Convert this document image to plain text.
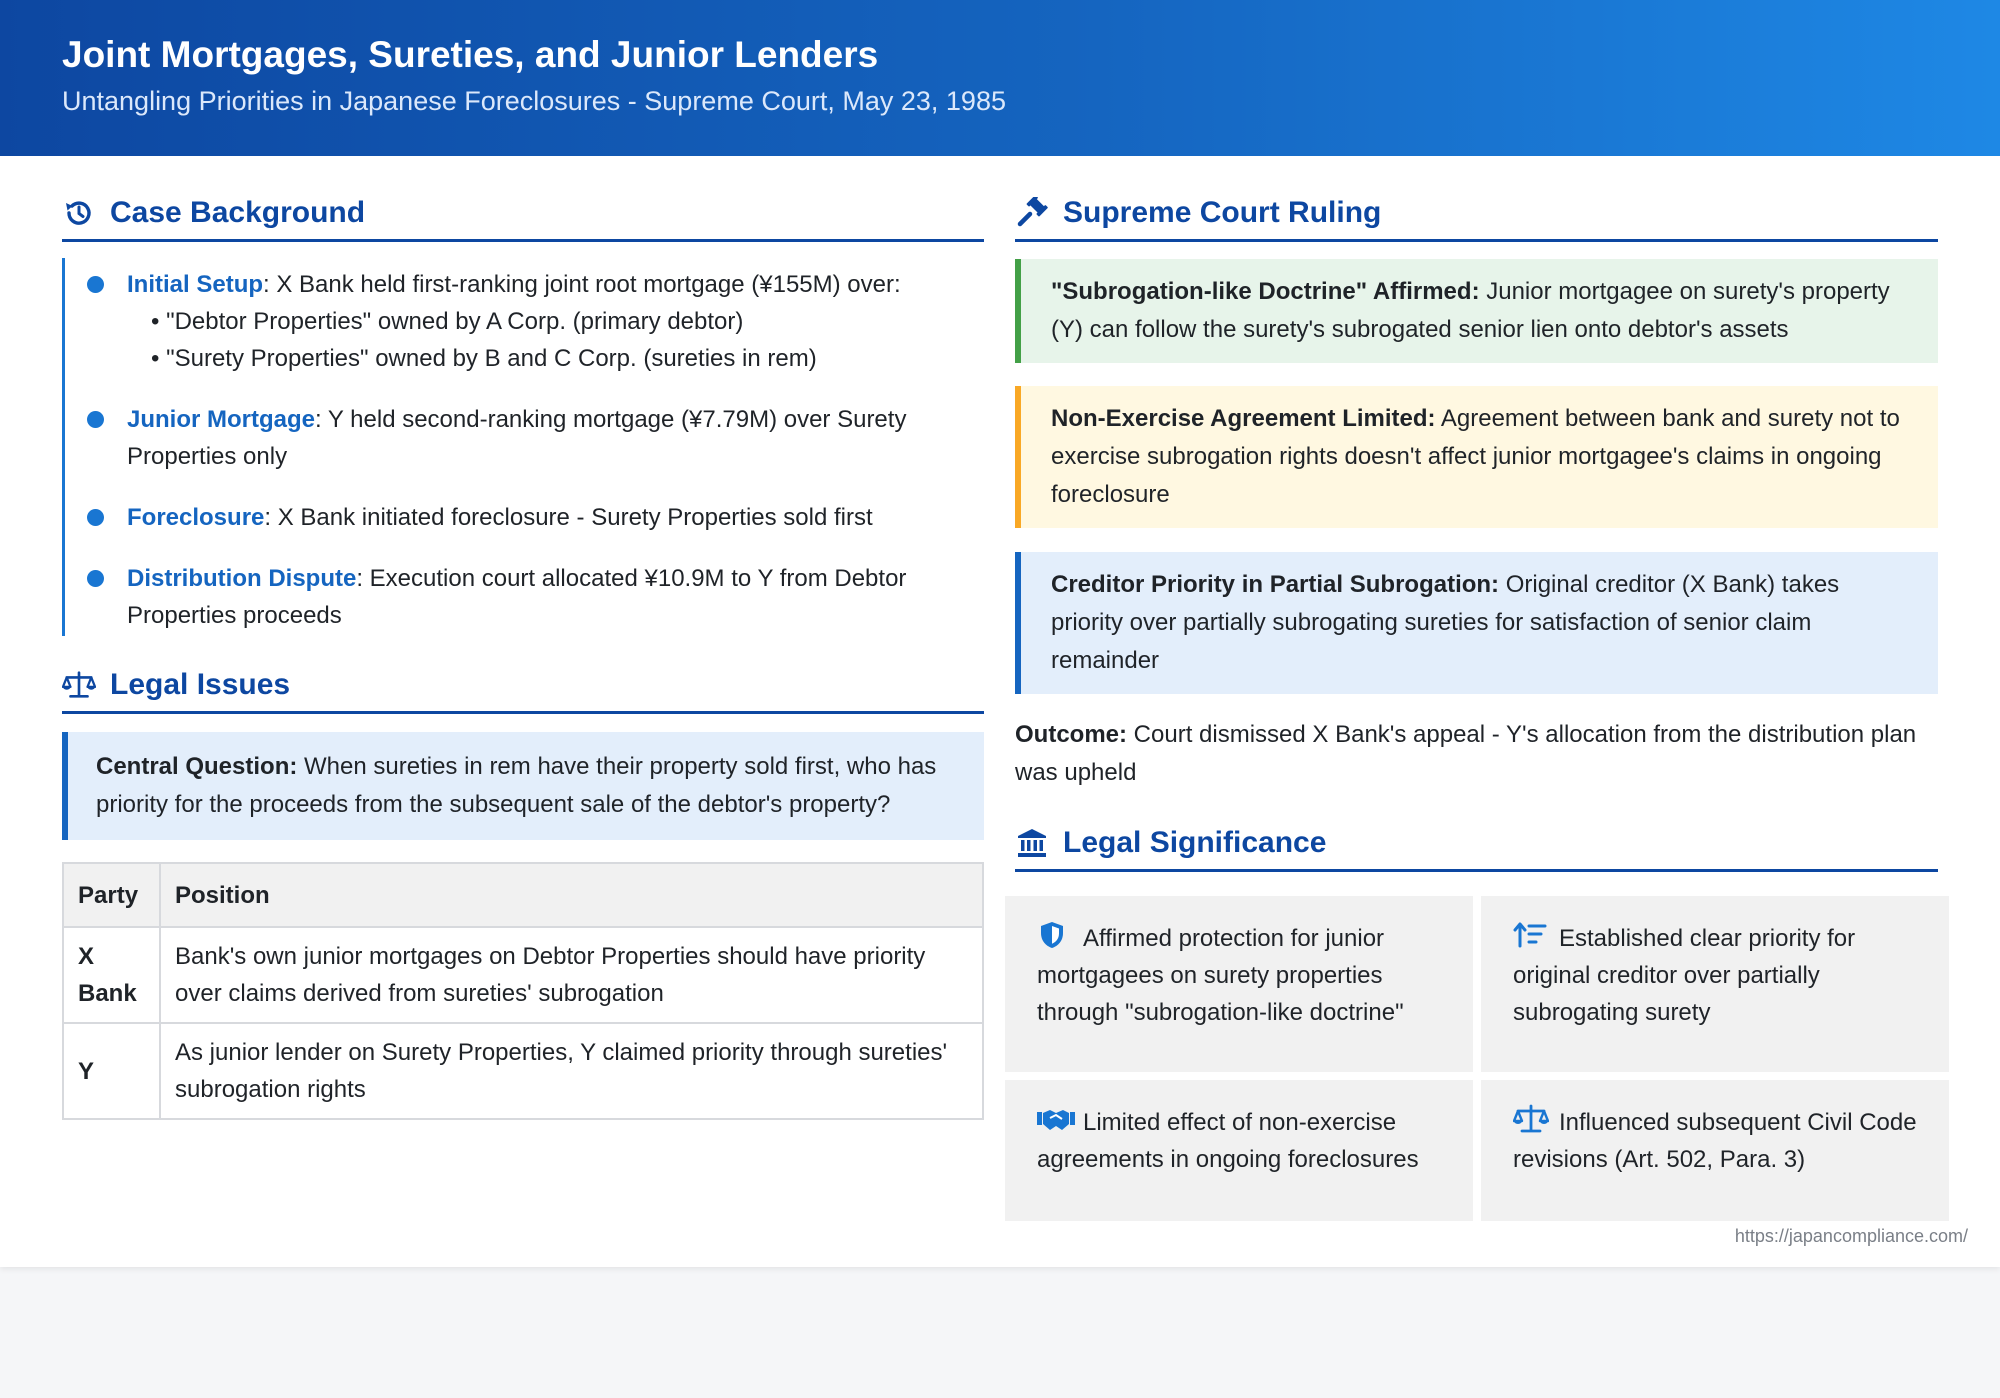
Joint Mortgages, Sureties, and Junior Lenders
Untangling Priorities in Japanese Foreclosures - Supreme Court, May 23, 1985
Case Background
Initial Setup: X Bank held first-ranking joint root mortgage (¥155M) over:
• "Debtor Properties" owned by A Corp. (primary debtor)
• "Surety Properties" owned by B and C Corp. (sureties in rem)
Junior Mortgage: Y held second-ranking mortgage (¥7.79M) over Surety Properties only
Foreclosure: X Bank initiated foreclosure - Surety Properties sold first
Distribution Dispute: Execution court allocated ¥10.9M to Y from Debtor Properties proceeds
Legal Issues
Central Question: When sureties in rem have their property sold first, who has priority for the proceeds from the subsequent sale of the debtor's property?
Party	Position
X Bank	Bank's own junior mortgages on Debtor Properties should have priority over claims derived from sureties' subrogation
Y	As junior lender on Surety Properties, Y claimed priority through sureties' subrogation rights
Supreme Court Ruling
"Subrogation-like Doctrine" Affirmed: Junior mortgagee on surety's property (Y) can follow the surety's subrogated senior lien onto debtor's assets
Non-Exercise Agreement Limited: Agreement between bank and surety not to exercise subrogation rights doesn't affect junior mortgagee's claims in ongoing foreclosure
Creditor Priority in Partial Subrogation: Original creditor (X Bank) takes priority over partially subrogating sureties for satisfaction of senior claim remainder
Outcome: Court dismissed X Bank's appeal - Y's allocation from the distribution plan was upheld
Legal Significance
Affirmed protection for junior mortgagees on surety properties through "subrogation-like doctrine"
Established clear priority for original creditor over partially subrogating surety
Limited effect of non-exercise agreements in ongoing foreclosures
Influenced subsequent Civil Code revisions (Art. 502, Para. 3)
https://japancompliance.com/
